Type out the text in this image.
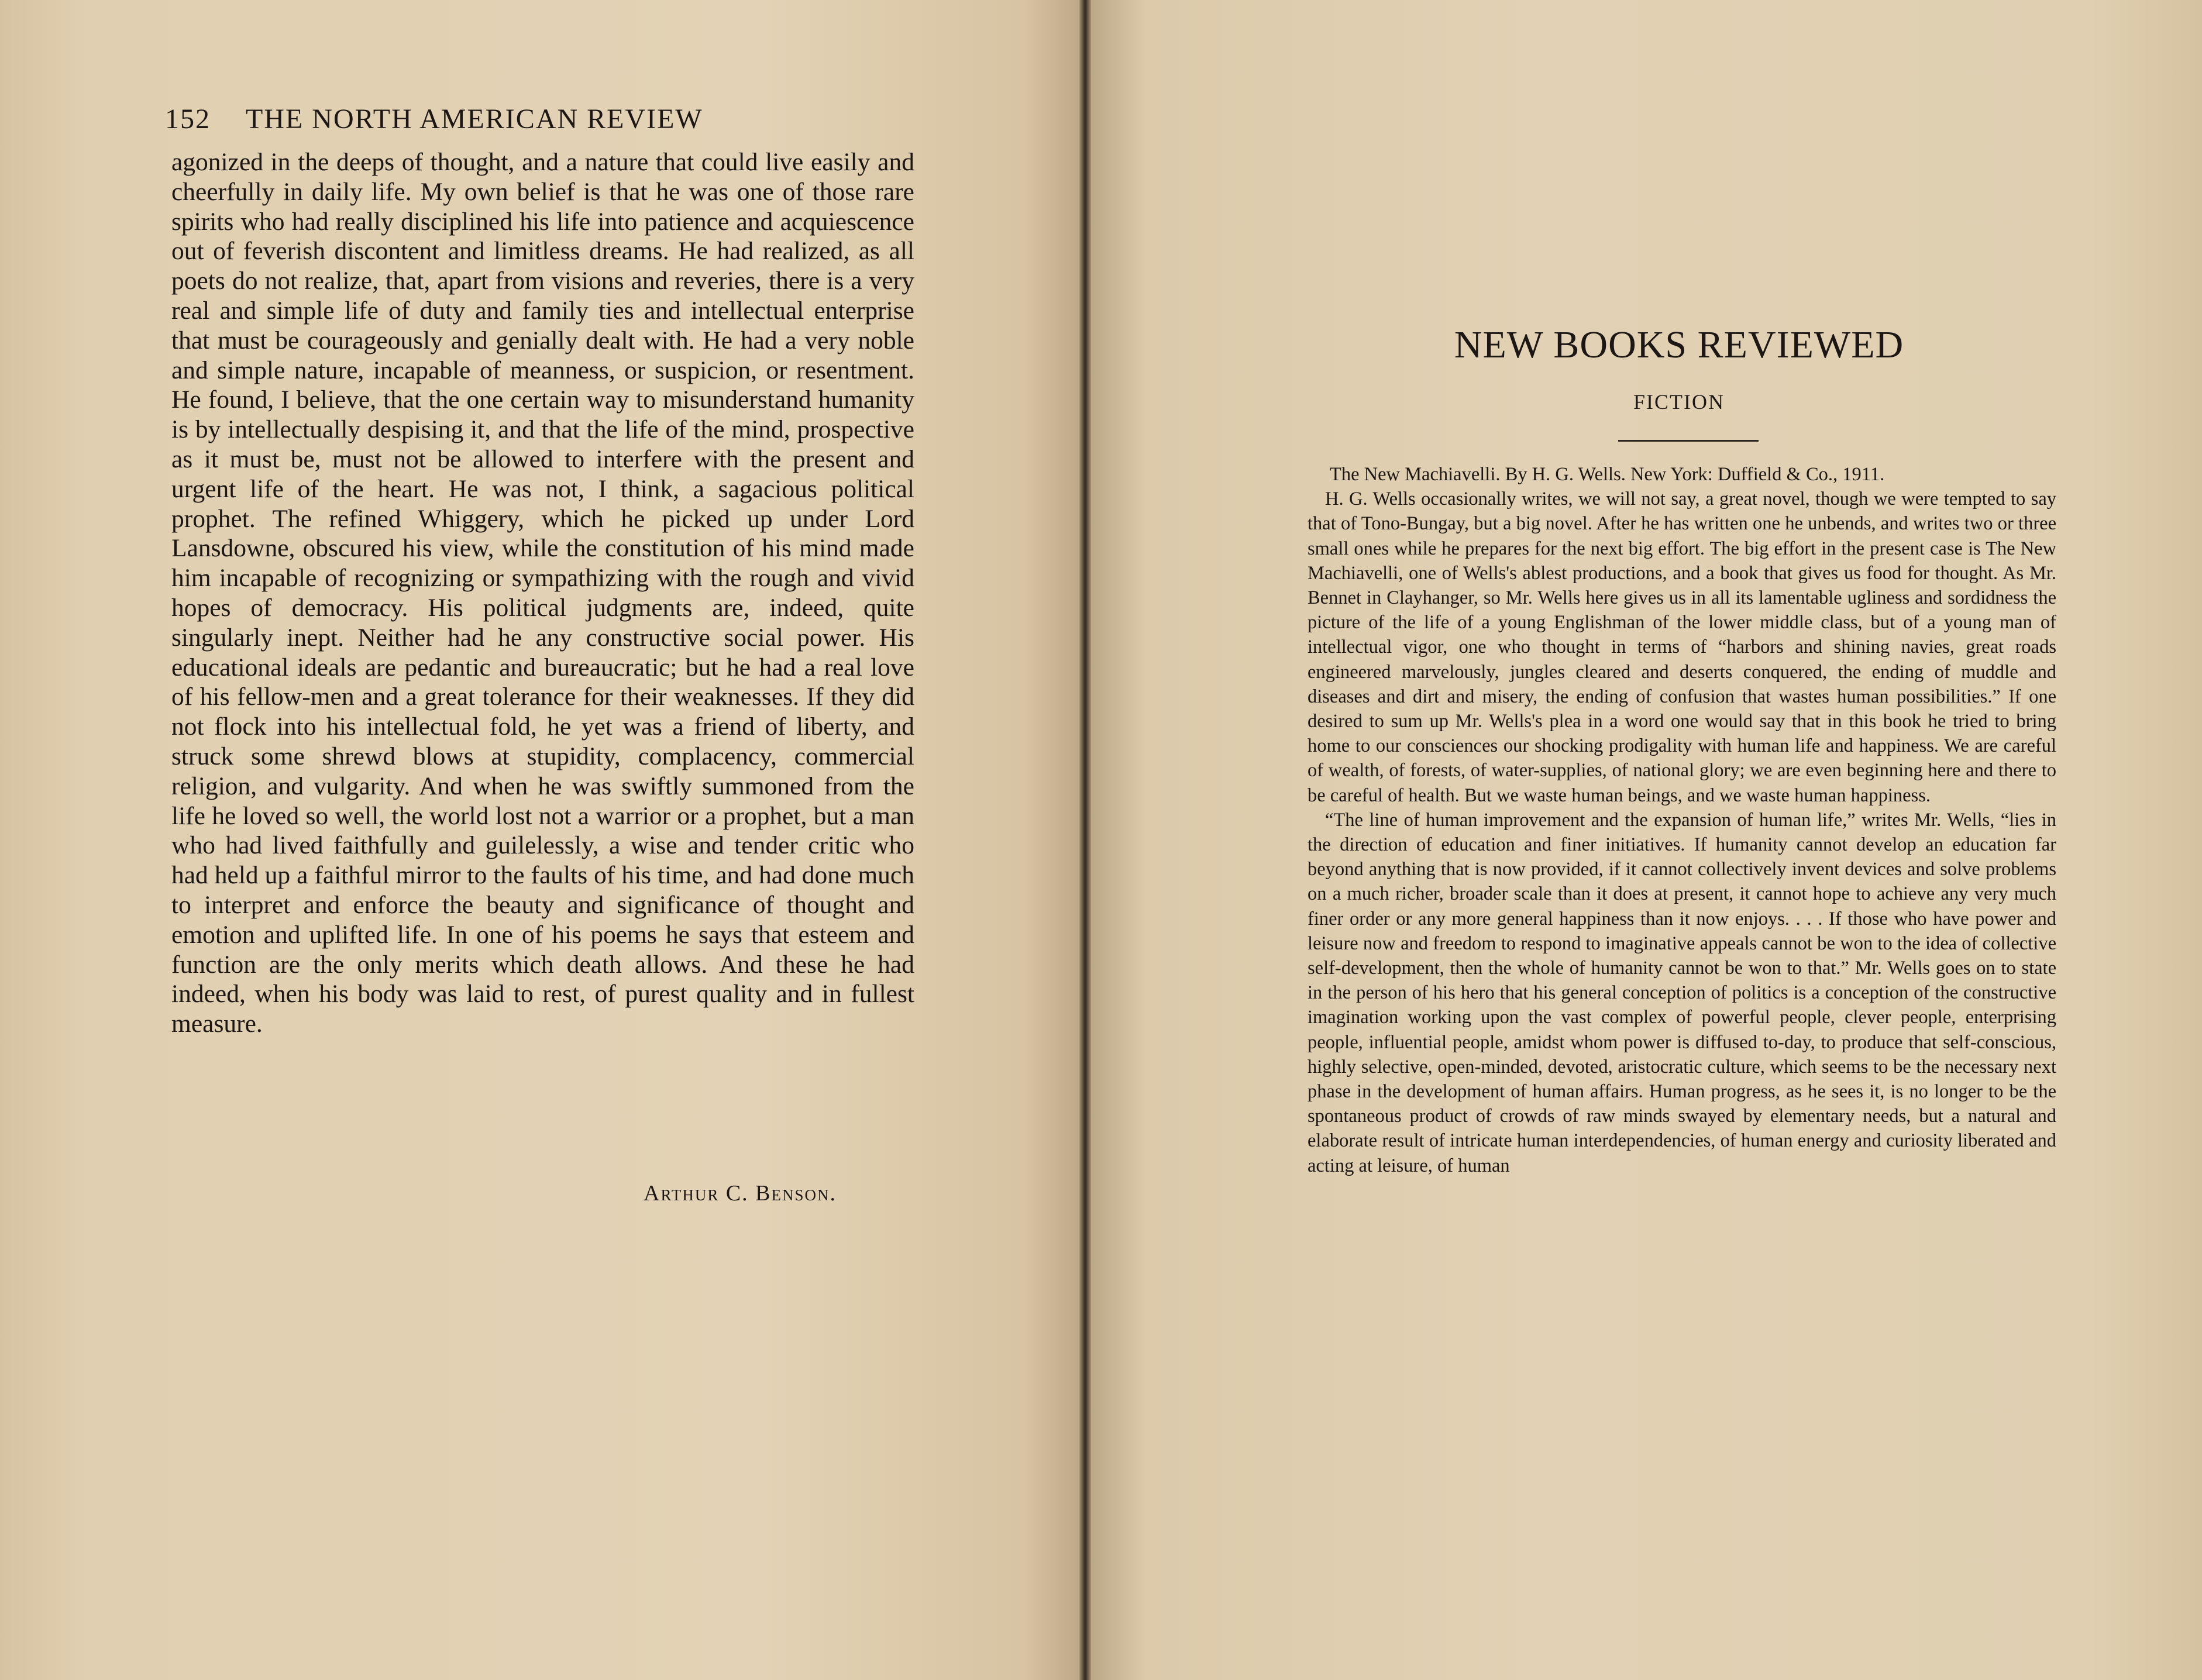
152 THE NORTH AMERICAN REVIEW

agonized in the deeps of thought, and a nature that could live easily and cheerfully in daily life. My own belief is that he was one of those rare spirits who had really disciplined his life into patience and acquiescence out of feverish discontent and limitless dreams. He had realized, as all poets do not realize, that, apart from visions and reveries, there is a very real and simple life of duty and family ties and intellectual enterprise that must be courageously and genially dealt with. He had a very noble and simple nature, incapable of meanness, or suspicion, or resentment. He found, I believe, that the one certain way to misunderstand humanity is by intellectually despising it, and that the life of the mind, prospective as it must be, must not be allowed to interfere with the present and urgent life of the heart. He was not, I think, a sagacious political prophet. The refined Whiggery, which he picked up under Lord Lansdowne, obscured his view, while the constitution of his mind made him incapable of recognizing or sympathizing with the rough and vivid hopes of democracy. His political judgments are, indeed, quite singularly inept. Neither had he any constructive social power. His educational ideals are pedantic and bureaucratic; but he had a real love of his fellow-men and a great tolerance for their weaknesses. If they did not flock into his intellectual fold, he yet was a friend of liberty, and struck some shrewd blows at stupidity, complacency, commercial religion, and vulgarity. And when he was swiftly summoned from the life he loved so well, the world lost not a warrior or a prophet, but a man who had lived faithfully and guilelessly, a wise and tender critic who had held up a faithful mirror to the faults of his time, and had done much to interpret and enforce the beauty and significance of thought and emotion and uplifted life. In one of his poems he says that esteem and function are the only merits which death allows. And these he had indeed, when his body was laid to rest, of purest quality and in fullest measure.

Arthur C. Benson.
NEW BOOKS REVIEWED
FICTION

The New Machiavelli. By H. G. Wells. New York: Duffield & Co., 1911.

H. G. Wells occasionally writes, we will not say, a great novel, though we were tempted to say that of Tono-Bungay, but a big novel. After he has written one he unbends, and writes two or three small ones while he prepares for the next big effort. The big effort in the present case is The New Machiavelli, one of Wells's ablest productions, and a book that gives us food for thought. As Mr. Bennet in Clayhanger, so Mr. Wells here gives us in all its lamentable ugliness and sordidness the picture of the life of a young Englishman of the lower middle class, but of a young man of intellectual vigor, one who thought in terms of “harbors and shining navies, great roads engineered marvelously, jungles cleared and deserts conquered, the ending of muddle and diseases and dirt and misery, the ending of confusion that wastes human possibilities.” If one desired to sum up Mr. Wells's plea in a word one would say that in this book he tried to bring home to our consciences our shocking prodigality with human life and happiness. We are careful of wealth, of forests, of water-supplies, of national glory; we are even beginning here and there to be careful of health. But we waste human beings, and we waste human happiness.

“The line of human improvement and the expansion of human life,” writes Mr. Wells, “lies in the direction of education and finer initiatives. If humanity cannot develop an education far beyond anything that is now provided, if it cannot collectively invent devices and solve problems on a much richer, broader scale than it does at present, it cannot hope to achieve any very much finer order or any more general happiness than it now enjoys. . . . If those who have power and leisure now and freedom to respond to imaginative appeals cannot be won to the idea of collective self-development, then the whole of humanity cannot be won to that.” Mr. Wells goes on to state in the person of his hero that his general conception of politics is a conception of the constructive imagination working upon the vast complex of powerful people, clever people, enterprising people, influential people, amidst whom power is diffused to-day, to produce that self-conscious, highly selective, open-minded, devoted, aristocratic culture, which seems to be the necessary next phase in the development of human affairs. Human progress, as he sees it, is no longer to be the spontaneous product of crowds of raw minds swayed by elementary needs, but a natural and elaborate result of intricate human interdependencies, of human energy and curiosity liberated and acting at leisure, of human
